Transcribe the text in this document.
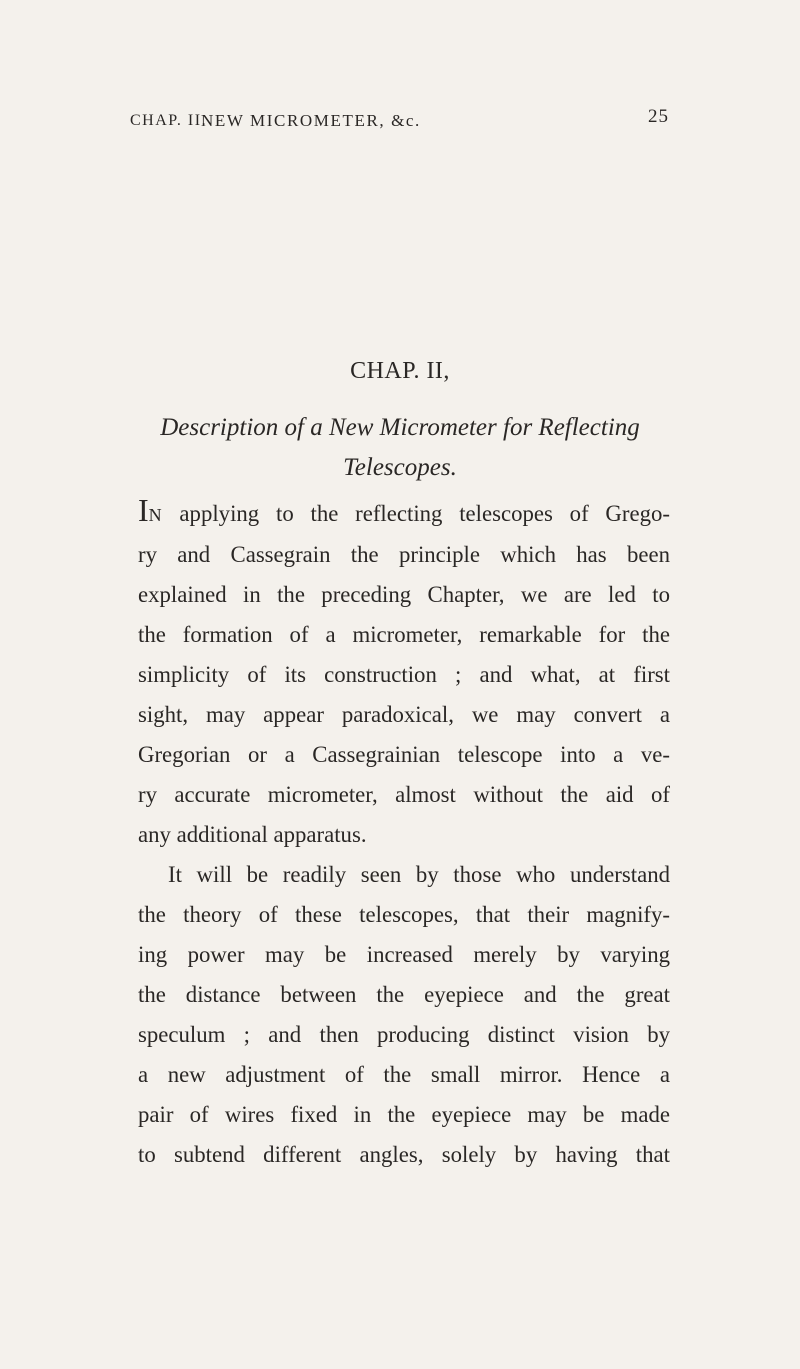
CHAP. II.
NEW MICROMETER, &c.	25
CHAP. II,
Description of a New Micrometer for Reflecting
Telescopes.
IN applying to the reflecting telescopes of Grego-
ry and Cassegrain the principle which has been
explained in the preceding Chapter, we are led to
the formation of a micrometer, remarkable for the
simplicity of its construction ; and what, at first
sight, may appear paradoxical, we may convert a
Gregorian or a Cassegrainian telescope into a ve-
ry accurate micrometer, almost without the aid of
any additional apparatus.
It will be readily seen by those who understand
the theory of these telescopes, that their magnify-
ing power may be increased merely by varying
the distance between the eyepiece and the great
speculum ; and then producing distinct vision by
a new adjustment of the small mirror. Hence a
pair of wires fixed in the eyepiece may be made
to subtend different angles, solely by having that
